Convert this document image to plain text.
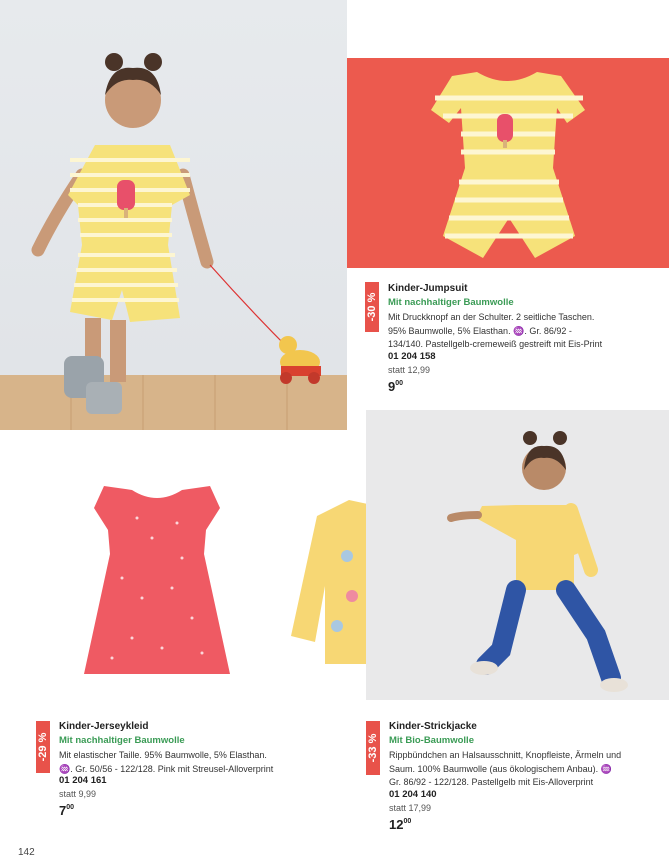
-30 %
Kinder-Jumpsuit
Mit nachhaltiger Baumwolle
Mit Druckknopf an der Schulter. 2 seitliche Taschen.
95% Baumwolle, 5% Elasthan. ♒. Gr. 86/92 -
134/140. Pastellgelb-cremeweiß gestreift mit Eis-Print
01 204 158
statt 12,99
$9^{00}$
-29 %
Kinder-Jerseykleid
Mit nachhaltiger Baumwolle
Mit elastischer Taille. 95% Baumwolle, 5% Elasthan.
♒. Gr. 50/56 - 122/128. Pink mit Streusel-Alloverprint
01 204 161
statt 9,99
$7^{00}$
-33 %
Kinder-Strickjacke
Mit Bio-Baumwolle
Rippbündchen an Halsausschnitt, Knopfleiste, Ärmeln und
Saum. 100% Baumwolle (aus ökologischem Anbau). ♒
Gr. 86/92 - 122/128. Pastellgelb mit Eis-Alloverprint
01 204 140
statt 17,99
$12^{00}$
142
